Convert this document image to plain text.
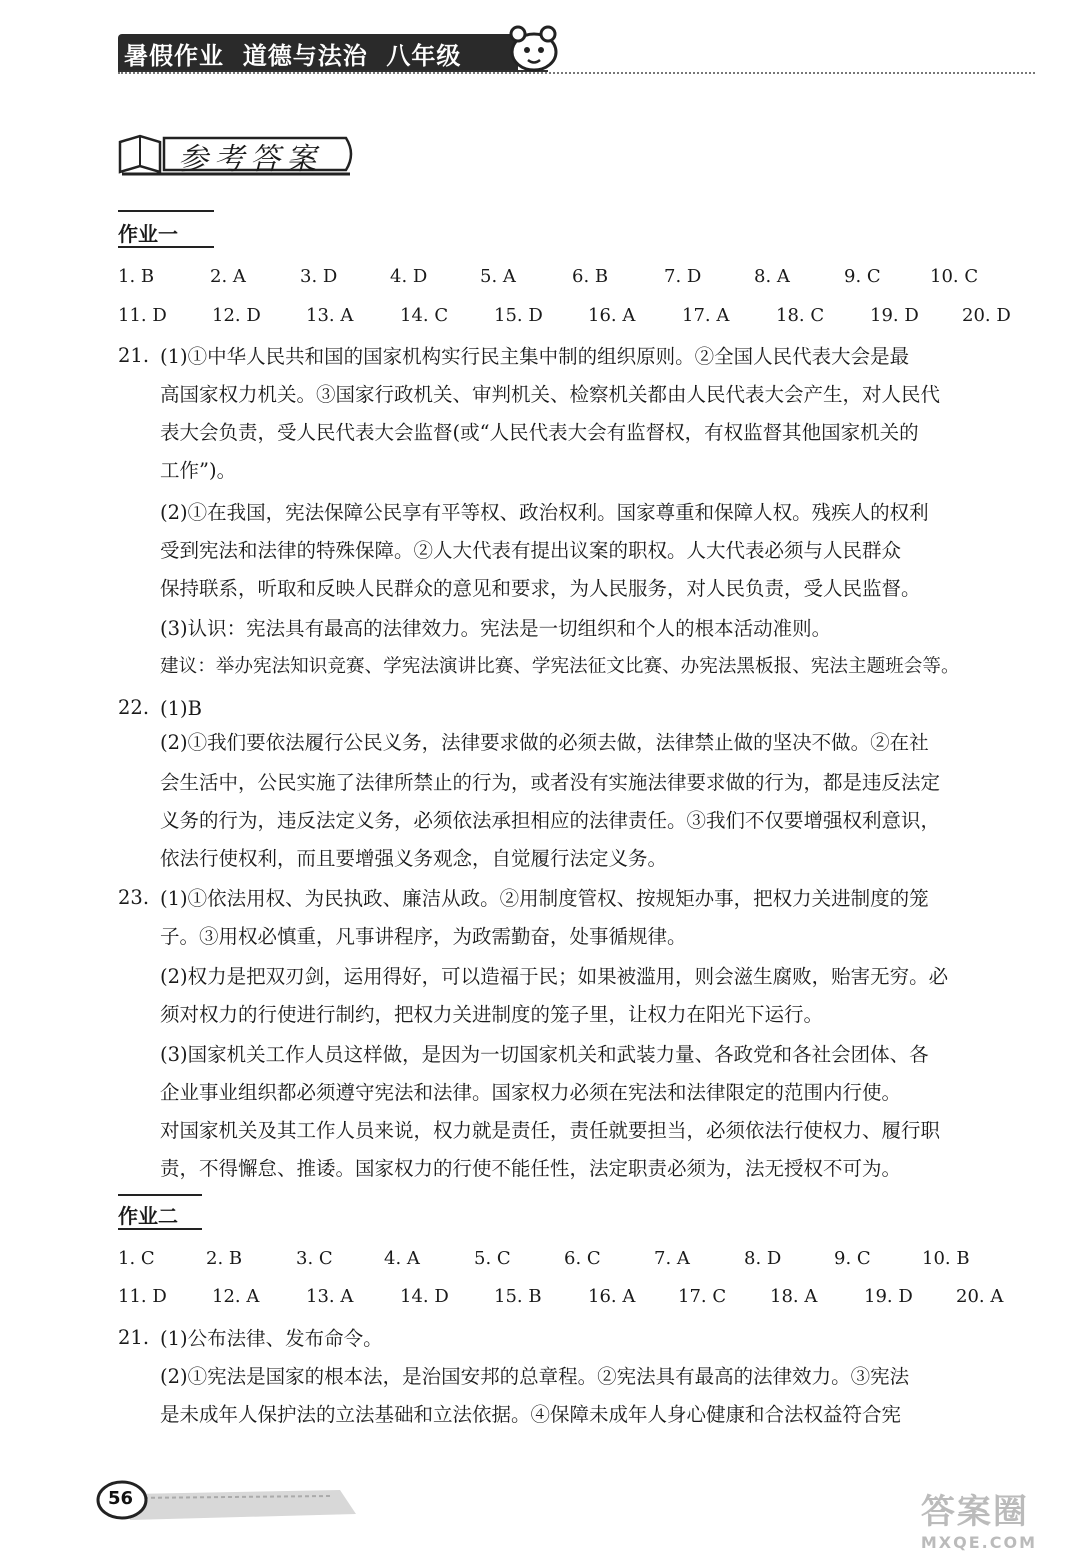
暑假作业  道德与法治  八年级
参考答案
作业一
1. B	2. A	3. D	4. D	5. A	6. B	7. D	8. A	9. C	10. C
11. D	12. D	13. A	14. C	15. D	16. A	17. A	18. C	19. D 20. D
21. (1)①中华人民共和国的国家机构实行民主集中制的组织原则。②全国人民代表大会是最
高国家权力机关。③国家行政机关、审判机关、检察机关都由人民代表大会产生，对人民代
表大会负责，受人民代表大会监督(或“人民代表大会有监督权，有权监督其他国家机关的
工作”)。
(2)①在我国，宪法保障公民享有平等权、政治权利。国家尊重和保障人权。残疾人的权利
受到宪法和法律的特殊保障。②人大代表有提出议案的职权。人大代表必须与人民群众
保持联系，听取和反映人民群众的意见和要求，为人民服务，对人民负责，受人民监督。
(3)认识：宪法具有最高的法律效力。宪法是一切组织和个人的根本活动准则。
建议：举办宪法知识竞赛、学宪法演讲比赛、学宪法征文比赛、办宪法黑板报、宪法主题班会等。
22. (1)B
(2)①我们要依法履行公民义务，法律要求做的必须去做，法律禁止做的坚决不做。②在社
会生活中，公民实施了法律所禁止的行为，或者没有实施法律要求做的行为，都是违反法定
义务的行为，违反法定义务，必须依法承担相应的法律责任。③我们不仅要增强权利意识，
依法行使权利，而且要增强义务观念，自觉履行法定义务。
23. (1)①依法用权、为民执政、廉洁从政。②用制度管权、按规矩办事，把权力关进制度的笼
子。③用权必慎重，凡事讲程序，为政需勤奋，处事循规律。
(2)权力是把双刃剑，运用得好，可以造福于民；如果被滥用，则会滋生腐败，贻害无穷。必
须对权力的行使进行制约，把权力关进制度的笼子里，让权力在阳光下运行。
(3)国家机关工作人员这样做，是因为一切国家机关和武装力量、各政党和各社会团体、各
企业事业组织都必须遵守宪法和法律。国家权力必须在宪法和法律限定的范围内行使。
对国家机关及其工作人员来说，权力就是责任，责任就要担当，必须依法行使权力、履行职
责，不得懈怠、推诿。国家权力的行使不能任性，法定职责必须为，法无授权不可为。
作业二
1. C	2. B	3. C	4. A	5. C	6. C	7. A	8. D	9. C	10. B
11. D	12. A	13. A	14. D	15. B	16. A 17. C 18. A	19. D 20. A
21. (1)公布法律、发布命令。
(2)①宪法是国家的根本法，是治国安邦的总章程。②宪法具有最高的法律效力。③宪法
是未成年人保护法的立法基础和立法依据。④保障未成年人身心健康和合法权益符合宪
56	答案圈
MXQE.COM
